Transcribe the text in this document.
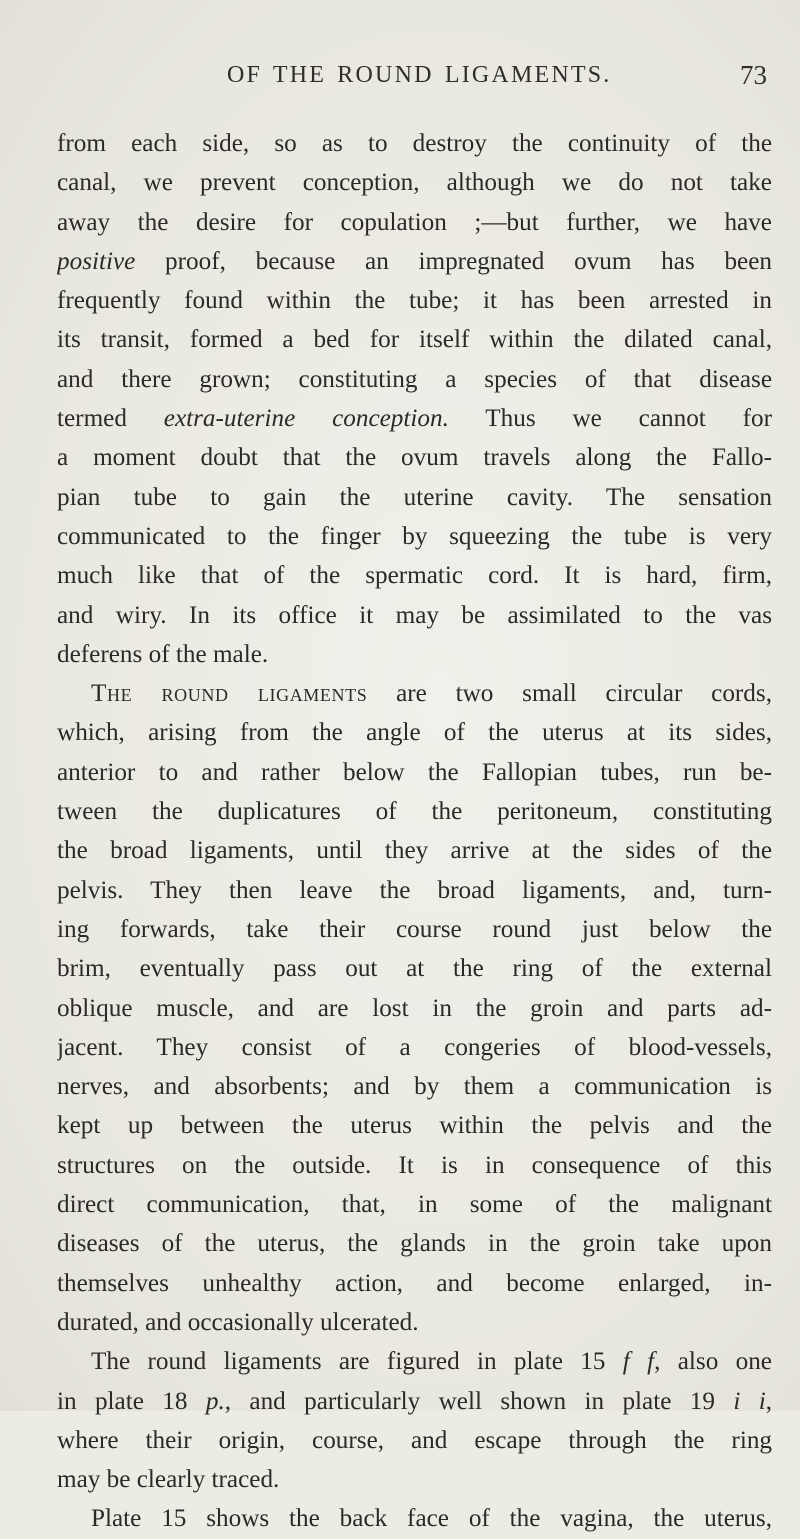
OF THE ROUND LIGAMENTS.	73
from each side, so as to destroy the continuity of the
canal, we prevent conception, although we do not take
away the desire for copulation ;—but further, we have
positive proof, because an impregnated ovum has been
frequently found within the tube; it has been arrested in
its transit, formed a bed for itself within the dilated canal,
and there grown; constituting a species of that disease
termed extra-uterine conception. Thus we cannot for
a moment doubt that the ovum travels along the Fallo-
pian tube to gain the uterine cavity. The sensation
communicated to the finger by squeezing the tube is very
much like that of the spermatic cord. It is hard, firm,
and wiry. In its office it may be assimilated to the vas
deferens of the male.
The round ligaments are two small circular cords,
which, arising from the angle of the uterus at its sides,
anterior to and rather below the Fallopian tubes, run be-
tween the duplicatures of the peritoneum, constituting
the broad ligaments, until they arrive at the sides of the
pelvis. They then leave the broad ligaments, and, turn-
ing forwards, take their course round just below the
brim, eventually pass out at the ring of the external
oblique muscle, and are lost in the groin and parts ad-
jacent. They consist of a congeries of blood-vessels,
nerves, and absorbents; and by them a communication is
kept up between the uterus within the pelvis and the
structures on the outside. It is in consequence of this
direct communication, that, in some of the malignant
diseases of the uterus, the glands in the groin take upon
themselves unhealthy action, and become enlarged, in-
durated, and occasionally ulcerated.
The round ligaments are figured in plate 15 f f, also one
in plate 18 p., and particularly well shown in plate 19 i i,
where their origin, course, and escape through the ring
may be clearly traced.
Plate 15 shows the back face of the vagina, the uterus,
